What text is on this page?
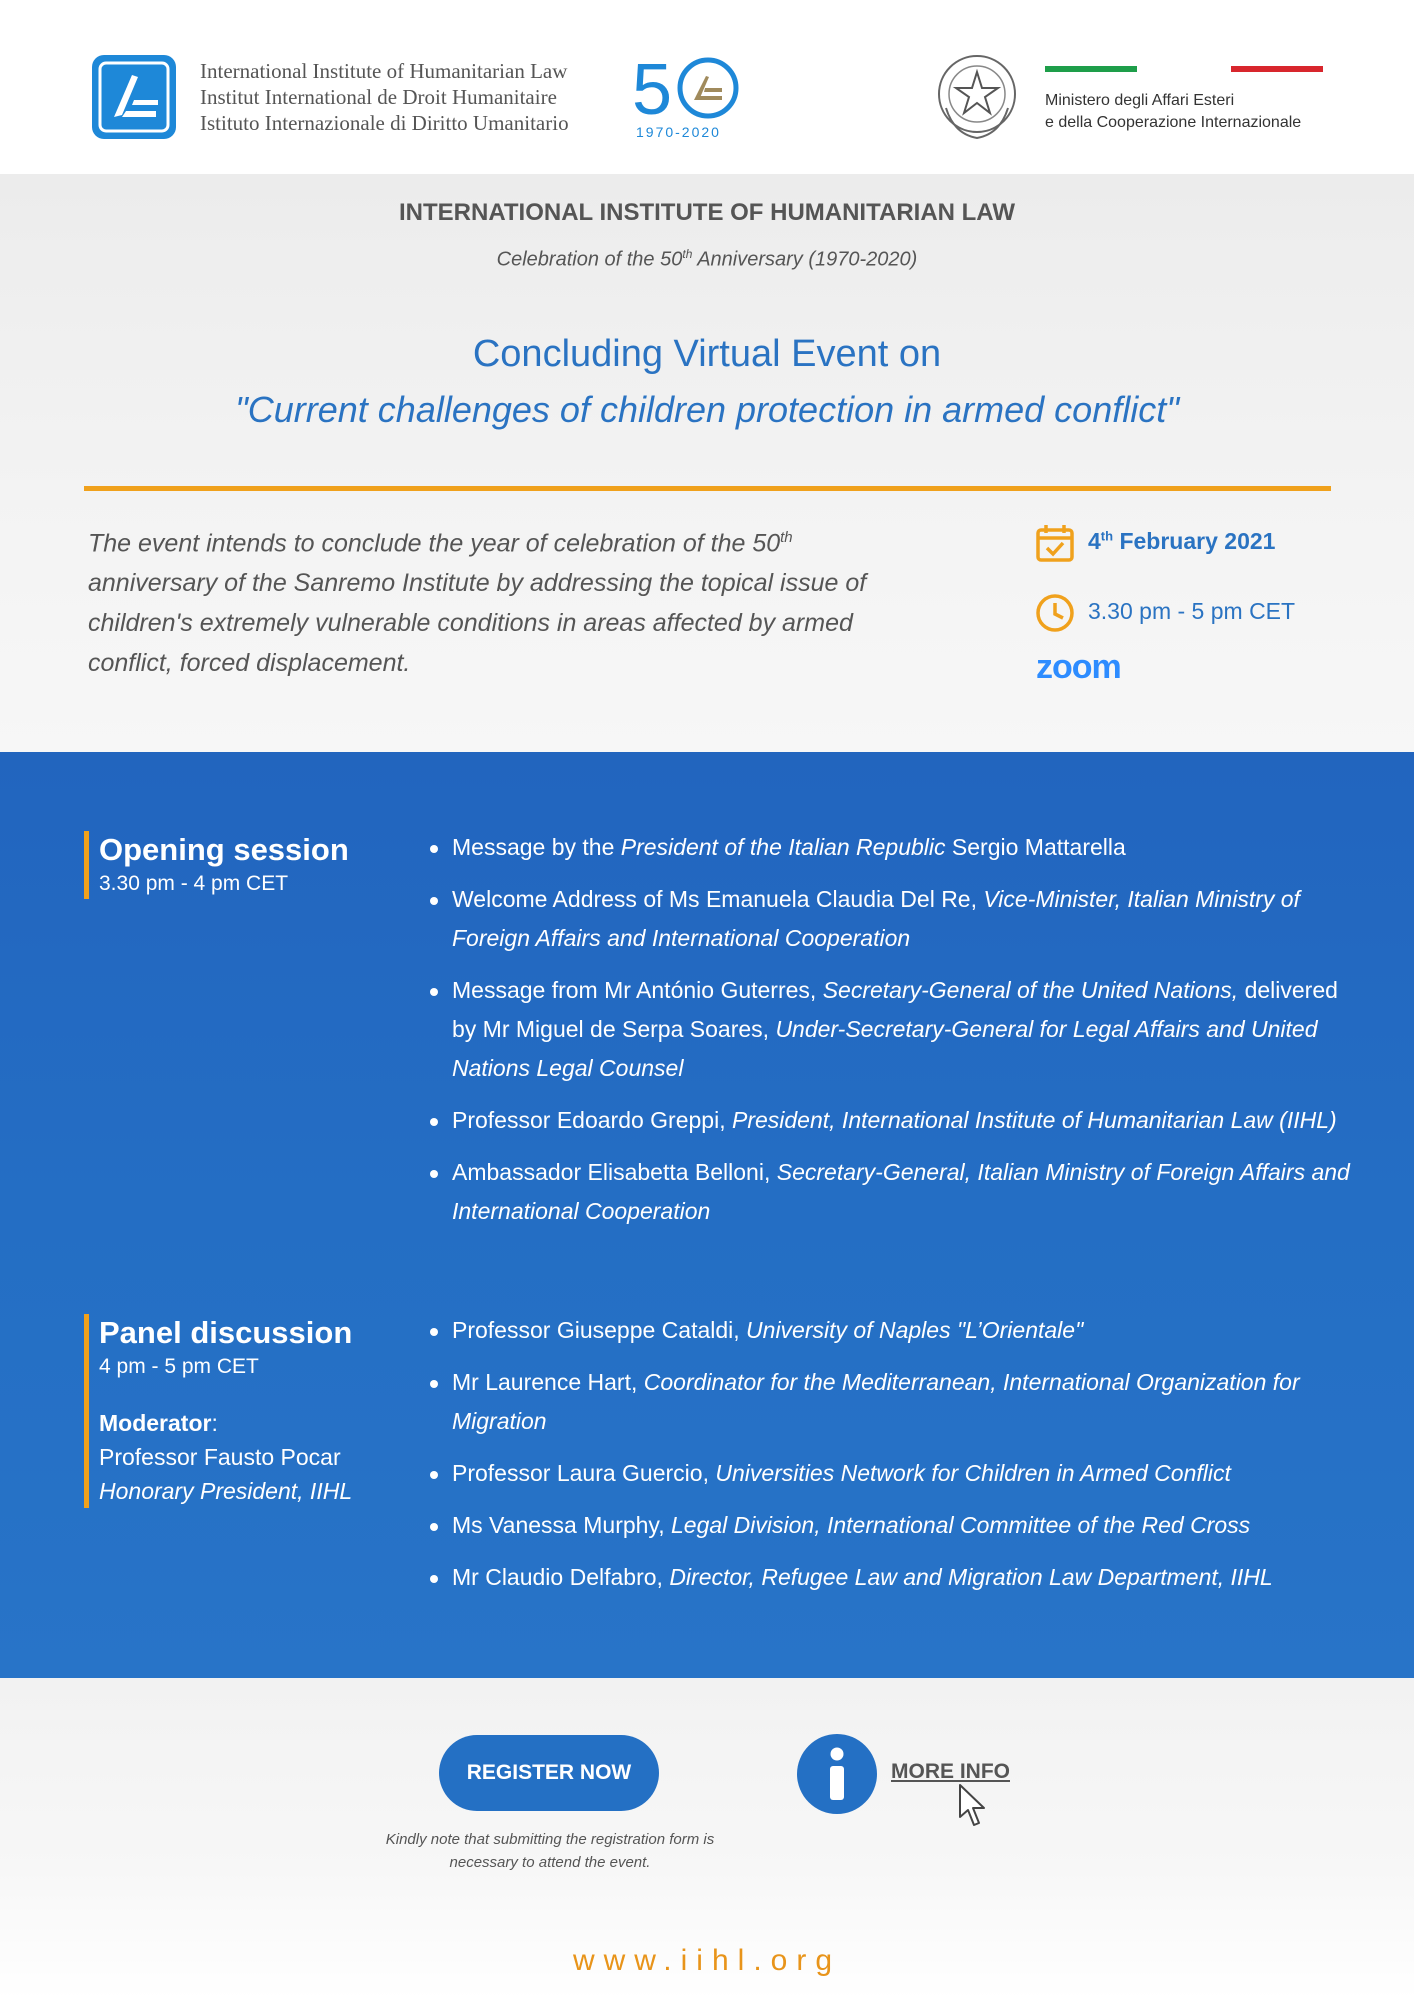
International Institute of Humanitarian Law
Institut International de Droit Humanitaire
Istituto Internazionale di Diritto Umanitario 5
1970-2020
Ministero degli Affari Esteri
e della Cooperazione Internazionale
INTERNATIONAL INSTITUTE OF HUMANITARIAN LAW
Celebration of the 50th Anniversary (1970-2020)
Concluding Virtual Event on
"Current challenges of children protection in armed conflict"
The event intends to conclude the year of celebration of the 50th anniversary of the Sanremo Institute by addressing the topical issue of children's extremely vulnerable conditions in areas affected by armed conflict, forced displacement.
4th February 2021
3.30 pm - 5 pm CET
zoom
Opening session
3.30 pm - 4 pm CET
Message by the President of the Italian Republic Sergio Mattarella
Welcome Address of Ms Emanuela Claudia Del Re, Vice-Minister, Italian Ministry of Foreign Affairs and International Cooperation
Message from Mr António Guterres, Secretary-General of the United Nations, delivered by Mr Miguel de Serpa Soares, Under-Secretary-General for Legal Affairs and United Nations Legal Counsel
Professor Edoardo Greppi, President, International Institute of Humanitarian Law (IIHL)
Ambassador Elisabetta Belloni, Secretary-General, Italian Ministry of Foreign Affairs and International Cooperation
Panel discussion
4 pm - 5 pm CET
Moderator:
Professor Fausto Pocar
Honorary President, IIHL
Professor Giuseppe Cataldi, University of Naples "L’Orientale"
Mr Laurence Hart, Coordinator for the Mediterranean, International Organization for Migration
Professor Laura Guercio, Universities Network for Children in Armed Conflict
Ms Vanessa Murphy, Legal Division, International Committee of the Red Cross
Mr Claudio Delfabro, Director, Refugee Law and Migration Law Department, IIHL
REGISTER NOW	MORE INFO
Kindly note that submitting the registration form is necessary to attend the event.
www.iihl.org
